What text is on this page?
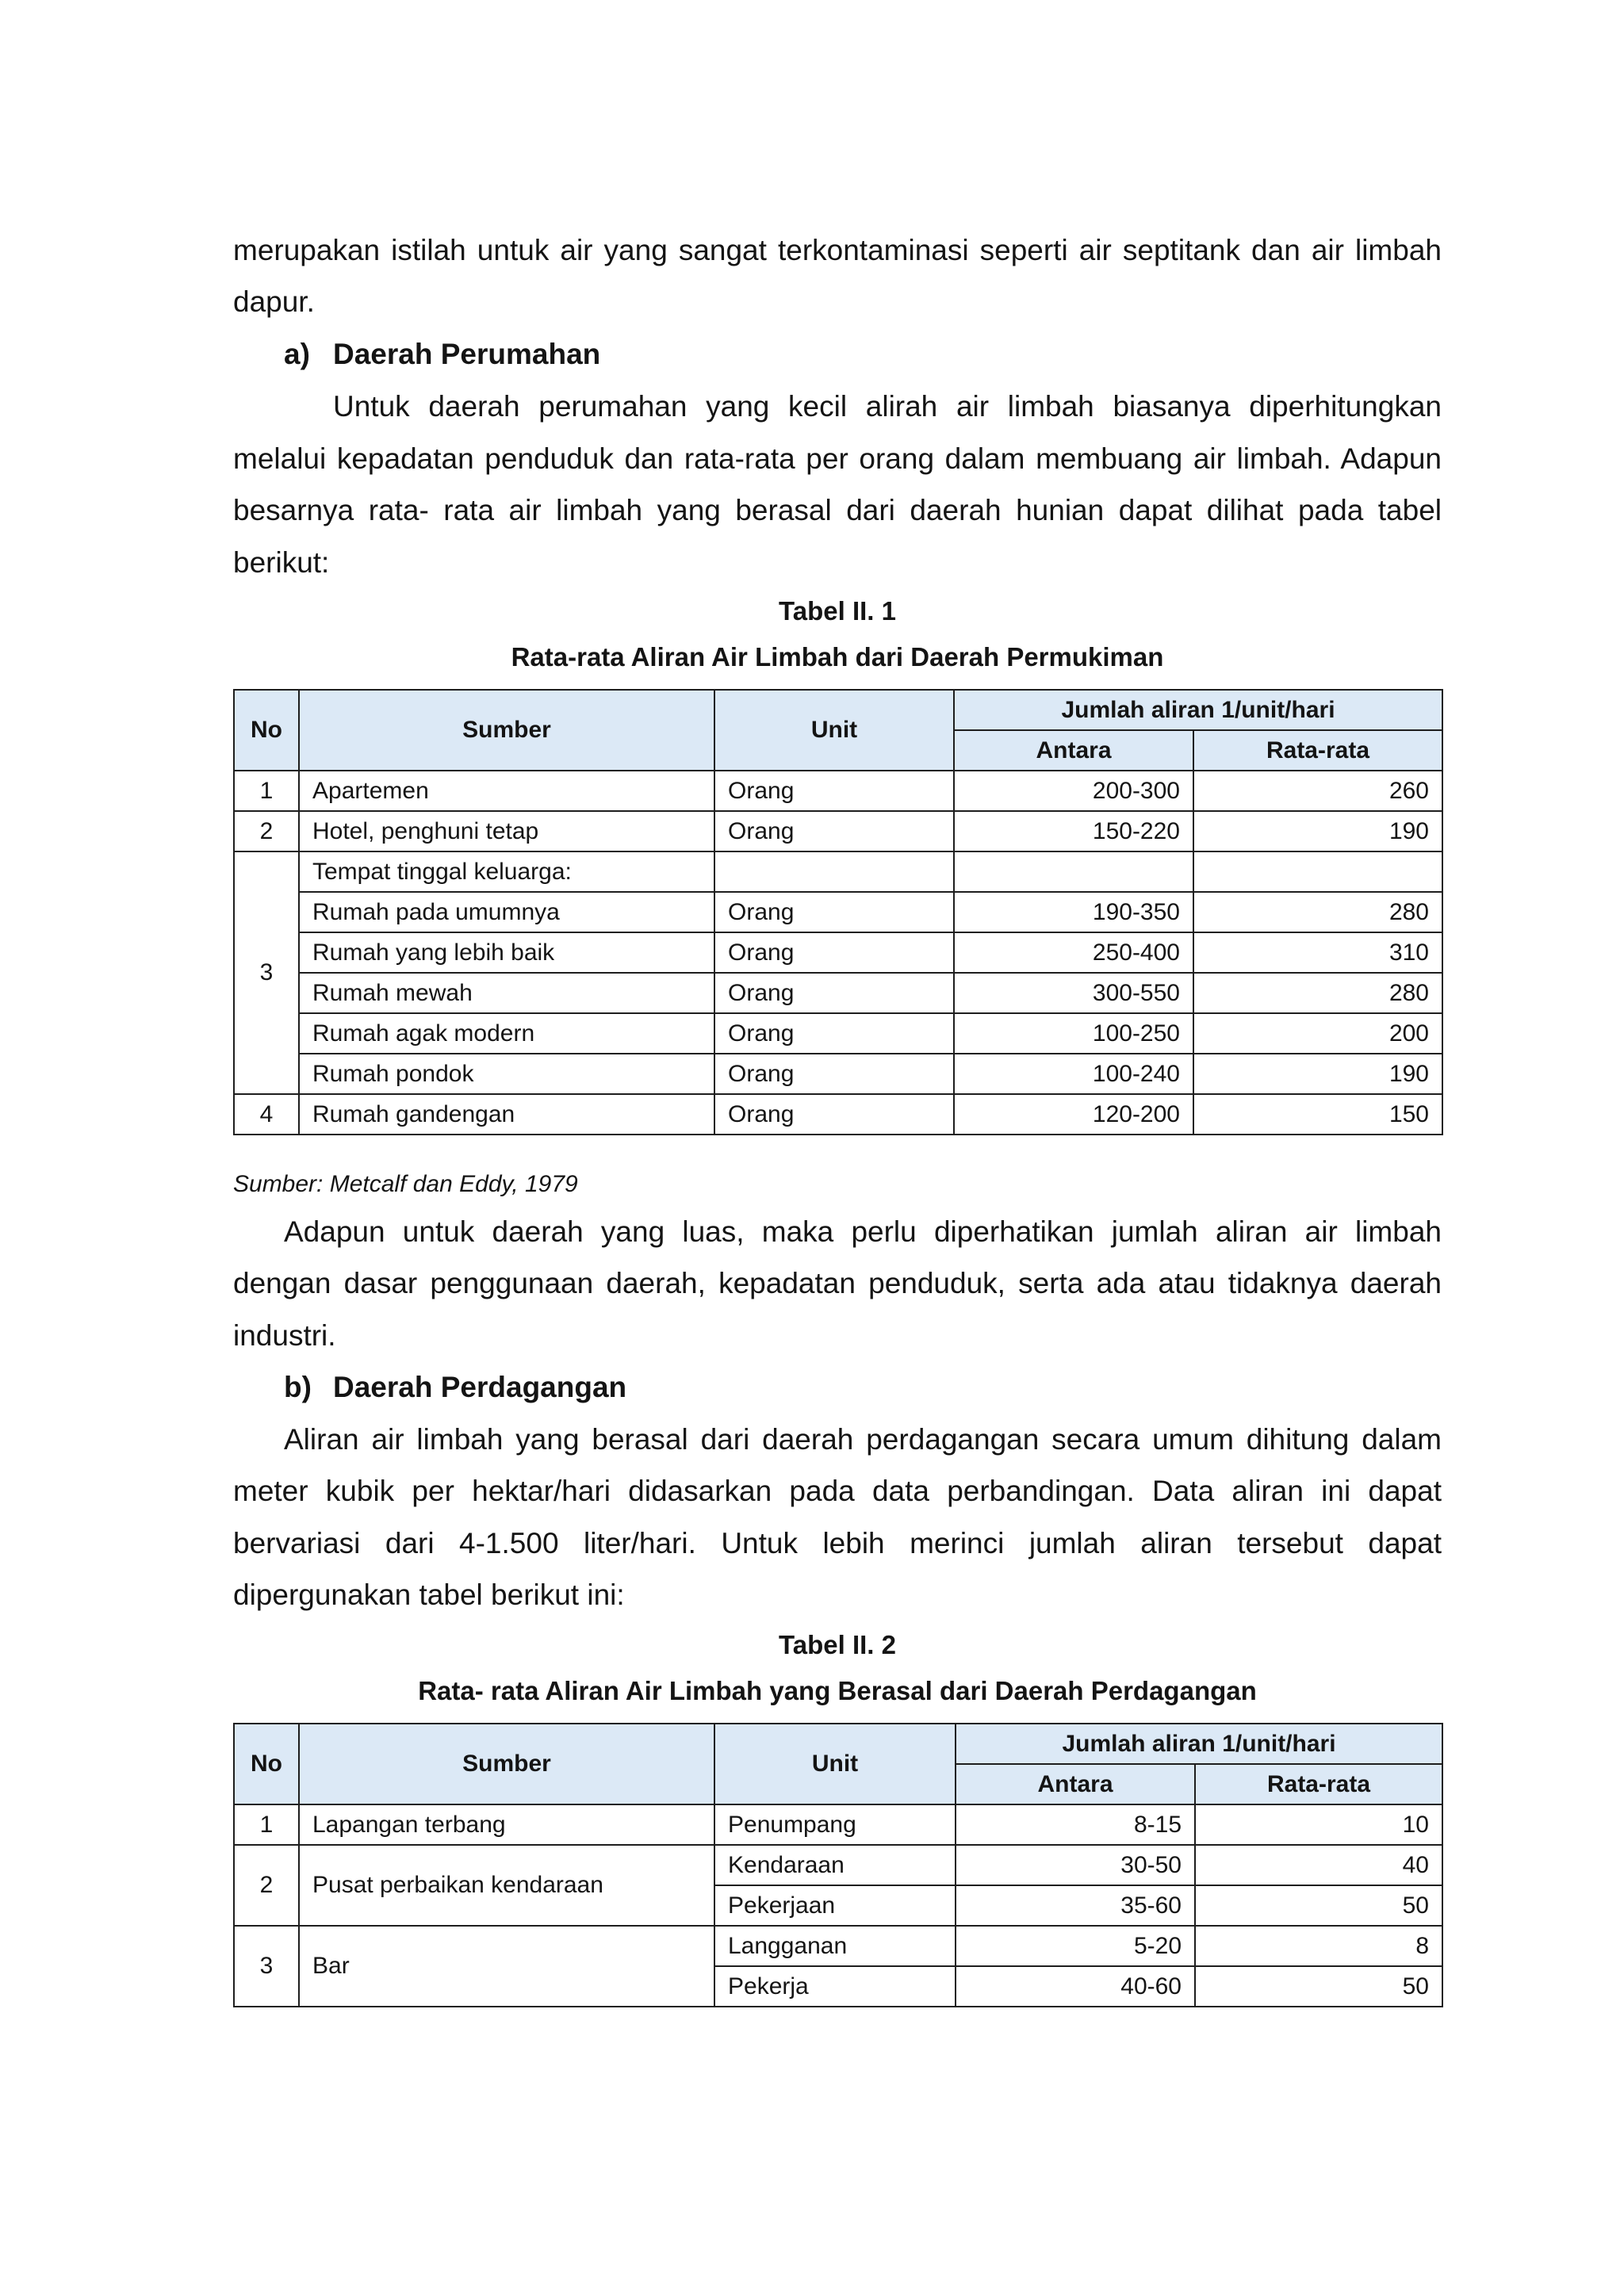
merupakan istilah untuk air yang sangat terkontaminasi seperti air septitank dan air limbah
dapur.
a) Daerah Perumahan
Untuk daerah perumahan yang kecil alirah air limbah biasanya diperhitungkan
melalui kepadatan penduduk dan rata-rata per orang dalam membuang air limbah. Adapun
besarnya rata- rata air limbah yang berasal dari daerah hunian dapat dilihat pada tabel
berikut:
Tabel II. 1
Rata-rata Aliran Air Limbah dari Daerah Permukiman
No	Sumber	Unit	Jumlah aliran 1/unit/hari	
			Antara	Rata-rata
1	Apartemen	Orang	200-300	260
2	Hotel, penghuni tetap	Orang	150-220	190
3	Tempat tinggal keluarga:			
	Rumah pada umumnya	Orang	190-350	280
	Rumah yang lebih baik	Orang	250-400	310
	Rumah mewah	Orang	300-550	280
	Rumah agak modern	Orang	100-250	200
	Rumah pondok	Orang	100-240	190
4	Rumah gandengan	Orang	120-200	150
Sumber: Metcalf dan Eddy, 1979
Adapun untuk daerah yang luas, maka perlu diperhatikan jumlah aliran air limbah
dengan dasar penggunaan daerah, kepadatan penduduk, serta ada atau tidaknya daerah
industri.
b) Daerah Perdagangan
Aliran air limbah yang berasal dari daerah perdagangan secara umum dihitung dalam
meter kubik per hektar/hari didasarkan pada data perbandingan. Data aliran ini dapat
bervariasi dari 4-1.500 liter/hari. Untuk lebih merinci jumlah aliran tersebut dapat
dipergunakan tabel berikut ini:
Tabel II. 2
Rata- rata Aliran Air Limbah yang Berasal dari Daerah Perdagangan
No	Sumber	Unit	Jumlah aliran 1/unit/hari	
			Antara	Rata-rata
1	Lapangan terbang	Penumpang	8-15	10
2	Pusat perbaikan kendaraan	Kendaraan	30-50	40
		Pekerjaan	35-60	50
3	Bar	Langganan	5-20	8
		Pekerja	40-60	50
